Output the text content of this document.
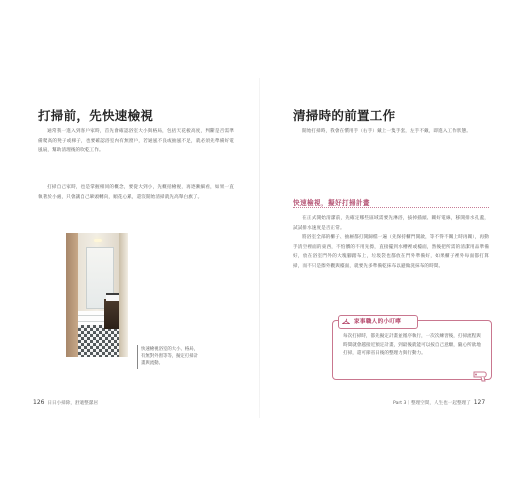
打掃前，先快速檢視
通常我一進入到客戶家時，首先會確認浴室大小與格局，包括天花板高度，判斷是否需準備爬高的凳子或梯子，也要確認浴室內有無窗戶，若通風不良或抽風不足，就必須先準備好電風扇，幫助清理後的吹乾工作。
打掃自己家時，也是掌握相同的概念，要從大到小，先概括檢視，再逐漸細看，如果一直執著於小處，只會讓自己暈頭轉向，順花心累，還沒開始清掃就先高舉白旗了。
快速檢視浴室的大小、格局，有無對外窗等等，擬定打掃計畫與流動。
126 日日小掃除，舒適整潔居
清掃時的前置工作
開始打掃時，我會在慣用手（右手）戴上一隻手套，左手不戴，即進入工作狀態。
快速檢視，擬好打掃計畫
在正式開始清潔前，先確定哪些區域需要先淋浴，拔掉插頭、關好電線，移開排水孔蓋，試試排水速度是否正常。
將浴室全部的櫃子、抽屜都打開歸檔一遍（先保持櫃門開啟，等不得不關上時再關），再動手清空裡面的東西，不怕髒的不用先擦，直接擺到水槽裡或檯面，然後把所需的清潔用品準備好，放在浴室門外的大塊腳踏布上，垃圾袋也都放在門外準備好，如果櫃子裡外每面都打算掃，而不只是擦外觀與檯面，就要先多準備乾抹布以避做洗抹布的時間。
家事職人的小叮嚀
每次打掃時，都先擬定計畫並循序執行，一次次練習後，打掃流程與時間就會越接近預定計畫，到最後就能可以按自己意願，隨心所欲地打掃，還可節省日後的整理力與行動力。
Part 3｜整理空間，人生也一起整理了 127
